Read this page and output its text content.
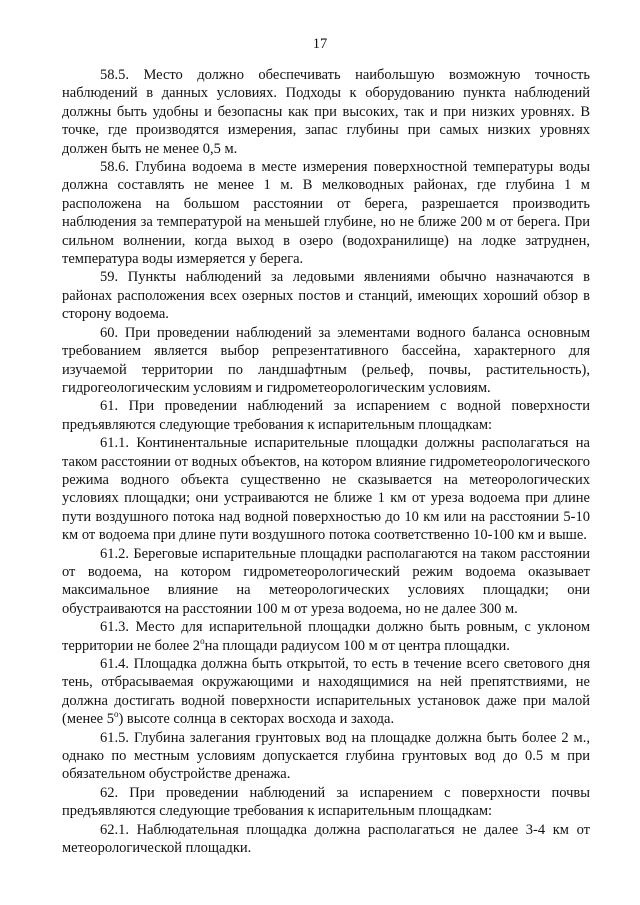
17

58.5. Место должно обеспечивать наибольшую возможную точность наблюдений в данных условиях. Подходы к оборудованию пункта наблюдений должны быть удобны и безопасны как при высоких, так и при низких уровнях. В точке, где производятся измерения, запас глубины при самых низких уровнях должен быть не менее 0,5 м.

58.6. Глубина водоема в месте измерения поверхностной температуры воды должна составлять не менее 1 м. В мелководных районах, где глубина 1 м расположена на большом расстоянии от берега, разрешается производить наблюдения за температурой на меньшей глубине, но не ближе 200 м от берега. При сильном волнении, когда выход в озеро (водохранилище) на лодке затруднен, температура воды измеряется у берега.

59. Пункты наблюдений за ледовыми явлениями обычно назначаются в районах расположения всех озерных постов и станций, имеющих хороший обзор в сторону водоема.

60. При проведении наблюдений за элементами водного баланса основным требованием является выбор репрезентативного бассейна, характерного для изучаемой территории по ландшафтным (рельеф, почвы, растительность), гидрогеологическим условиям и гидрометеорологическим условиям.

61. При проведении наблюдений за испарением с водной поверхности предъявляются следующие требования к испарительным площадкам:

61.1. Континентальные испарительные площадки должны располагаться на таком расстоянии от водных объектов, на котором влияние гидрометеорологического режима водного объекта существенно не сказывается на метеорологических условиях площадки; они устраиваются не ближе 1 км от уреза водоема при длине пути воздушного потока над водной поверхностью до 10 км или на расстоянии 5-10 км от водоема при длине пути воздушного потока соответственно 10-100 км и выше.

61.2. Береговые испарительные площадки располагаются на таком расстоянии от водоема, на котором гидрометеорологический режим водоема оказывает максимальное влияние на метеорологических условиях площадки; они обустраиваются на расстоянии 100 м от уреза водоема, но не далее 300 м.

61.3. Место для испарительной площадки должно быть ровным, с уклоном территории не более $2^она$ площади радиусом 100 м от центра площадки.

61.4. Площадка должна быть открытой, то есть в течение всего светового дня тень, отбрасываемая окружающими и находящимися на ней препятствиями, не должна достигать водной поверхности испарительных установок даже при малой (менее $5^о$) высоте солнца в секторах восхода и захода.

61.5. Глубина залегания грунтовых вод на площадке должна быть более 2 м., однако по местным условиям допускается глубина грунтовых вод до 0.5 м при обязательном обустройстве дренажа.

62. При проведении наблюдений за испарением с поверхности почвы предъявляются следующие требования к испарительным площадкам:

62.1. Наблюдательная площадка должна располагаться не далее 3-4 км от метеорологической площадки.
